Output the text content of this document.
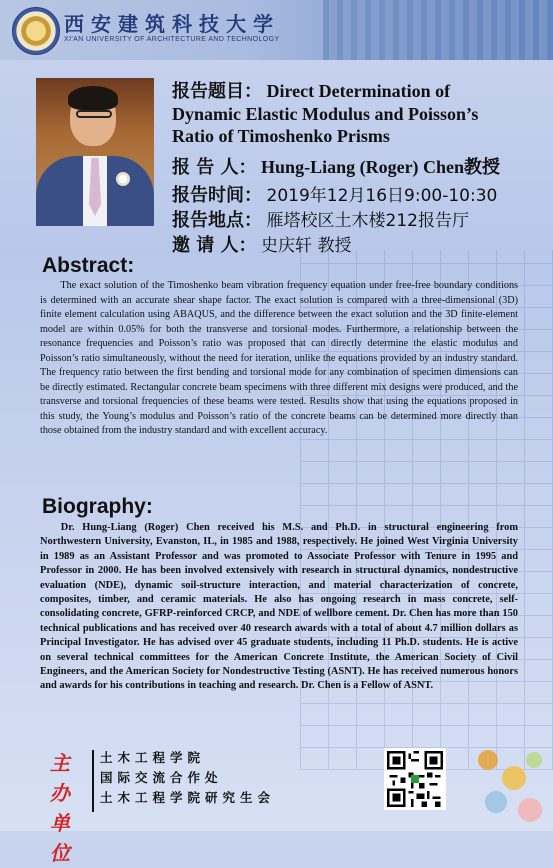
西安建筑科技大学
XI'AN UNIVERSITY OF ARCHITECTURE AND TECHNOLOGY
报告题目： Direct Determination of
Dynamic Elastic Modulus and Poisson’s
Ratio of Timoshenko Prisms
报 告 人： Hung-Liang (Roger) Chen教授
报告时间： 2019年12月16日9:00-10:30
报告地点： 雁塔校区土木楼212报告厅
邀 请 人： 史庆轩 教授
Abstract:
The exact solution of the Timoshenko beam vibration frequency equation under free-free boundary conditions is determined with an accurate shear shape factor. The exact solution is compared with a three-dimensional (3D) finite element calculation using ABAQUS, and the difference between the exact solution and the 3D finite-element model are within 0.05% for both the transverse and torsional modes. Furthermore, a relationship between the resonance frequencies and Poisson’s ratio was proposed that can directly determine the elastic modulus and Poisson’s ratio simultaneously, without the need for iteration, unlike the equations provided by an industry standard. The frequency ratio between the first bending and torsional mode for any combination of specimen dimensions can be directly estimated. Rectangular concrete beam specimens with three different mix designs were produced, and the transverse and torsional frequencies of these beams were tested. Results show that using the equations proposed in this study, the Young’s modulus and Poisson’s ratio of the concrete beams can be determined more directly than those obtained from the industry standard and with excellent accuracy.
Biography:
Dr. Hung-Liang (Roger) Chen received his M.S. and Ph.D. in structural engineering from Northwestern University, Evanston, IL, in 1985 and 1988, respectively. He joined West Virginia University in 1989 as an Assistant Professor and was promoted to Associate Professor with Tenure in 1995 and Professor in 2000. He has been involved extensively with research in structural dynamics, nondestructive evaluation (NDE), dynamic soil-structure interaction, and material characterization of concrete, composites, timber, and ceramic materials. He also has ongoing research in mass concrete, self-consolidating concrete, GFRP-reinforced CRCP, and NDE of wellbore cement. Dr. Chen has more than 150 technical publications and has received over 40 research awards with a total of about 4.7 million dollars as Principal Investigator. He has advised over 45 graduate students, including 11 Ph.D. students. He is active on several technical committees for the American Concrete Institute, the American Society of Civil Engineers, and the American Society for Nondestructive Testing (ASNT). He has received numerous honors and awards for his contributions in teaching and research. Dr. Chen is a Fellow of ASNT.
主办单位
土木工程学院
国际交流合作处
土木工程学院研究生会
